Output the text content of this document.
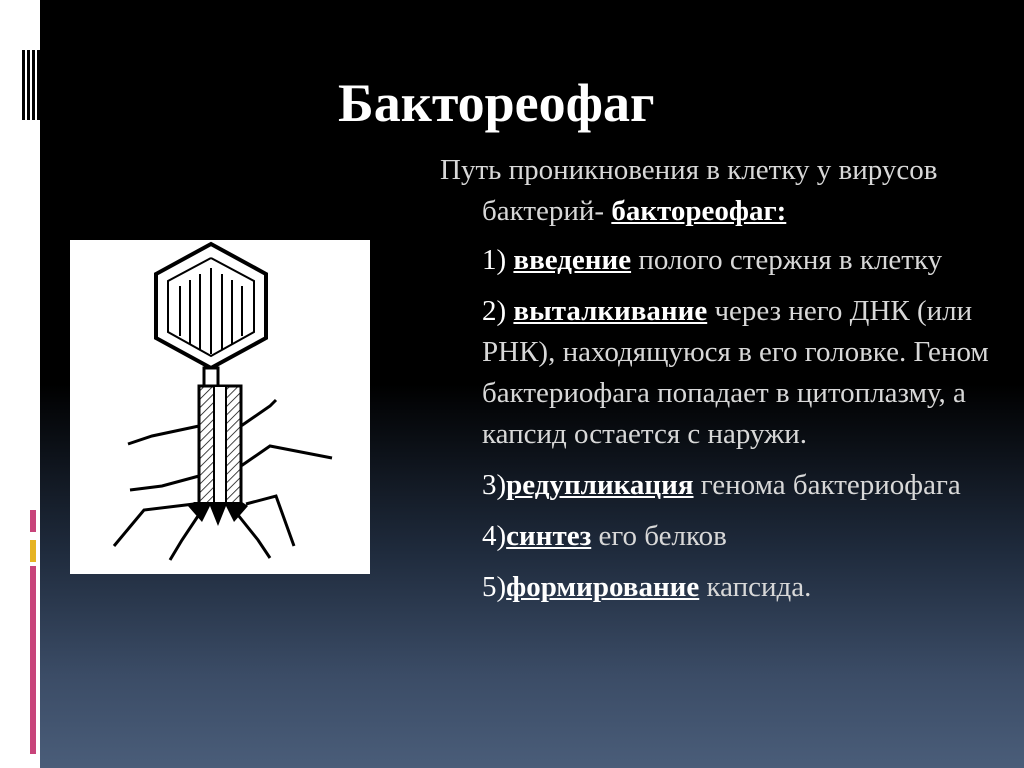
Бактореофаг

Путь проникновения в клетку у вирусов бактерий- бактореофаг:

1) введение полого стержня в клетку

2) выталкивание через него ДНК (или РНК), находящуюся в его головке. Геном бактериофага попадает в цитоплазму, а капсид остается с наружи.

3)редупликация генома бактериофага

4)синтез его белков

5)формирование капсида.
